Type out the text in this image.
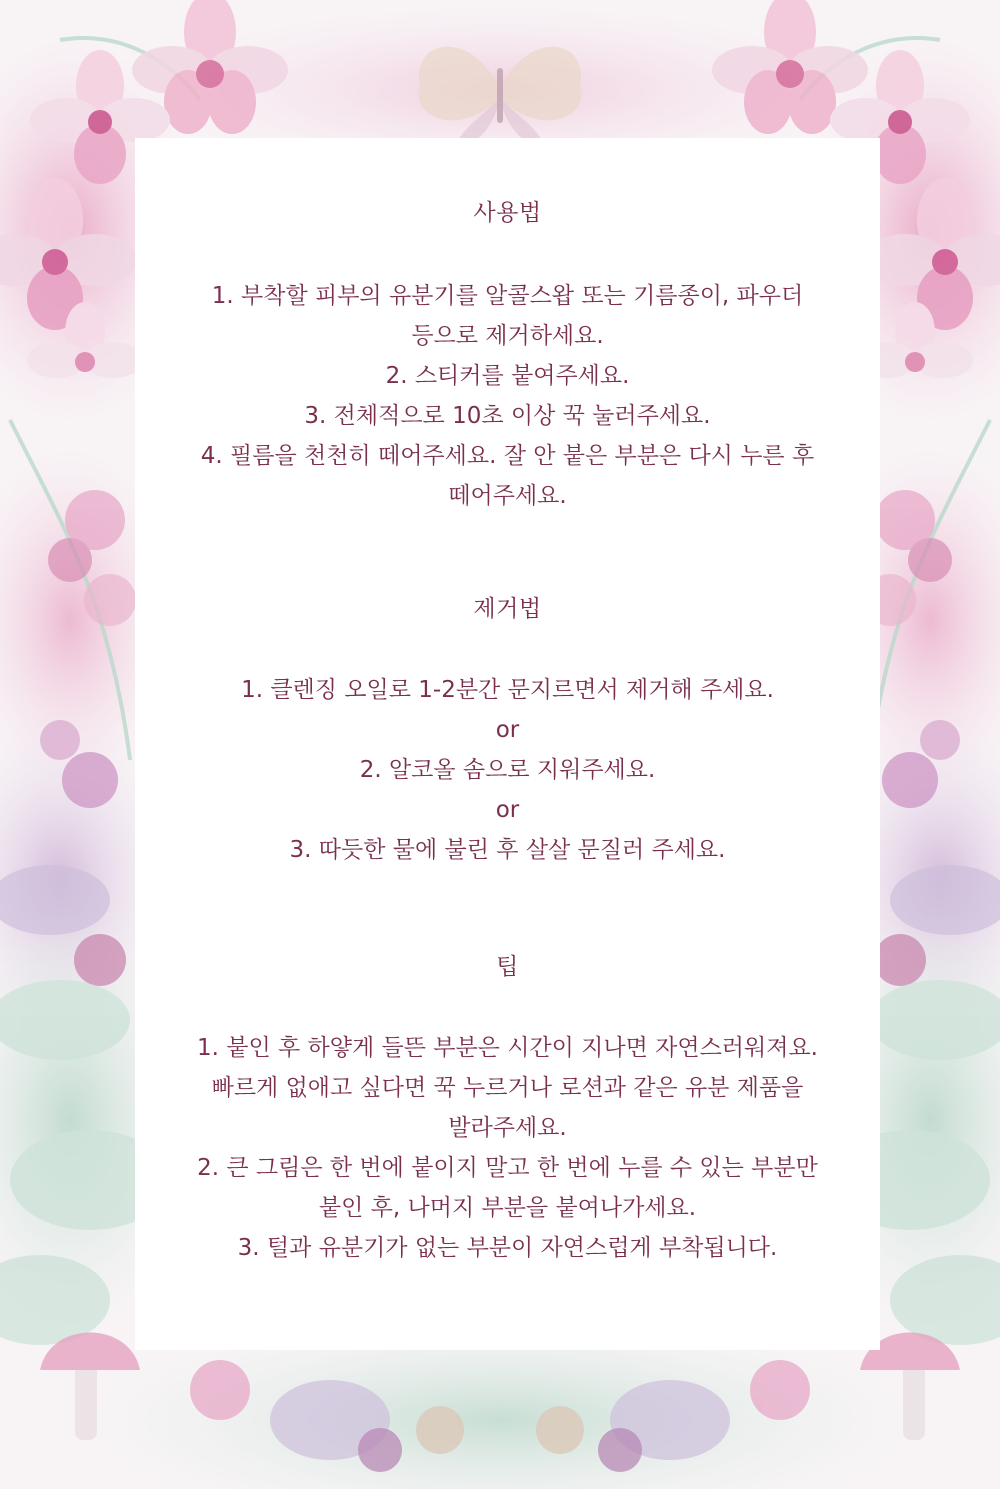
사용법
1. 부착할 피부의 유분기를 알콜스왑 또는 기름종이, 파우더
등으로 제거하세요.
2. 스티커를 붙여주세요.
3. 전체적으로 10초 이상 꾹 눌러주세요.
4. 필름을 천천히 떼어주세요. 잘 안 붙은 부분은 다시 누른 후
떼어주세요.
제거법
1. 클렌징 오일로 1-2분간 문지르면서 제거해 주세요.
or
2. 알코올 솜으로 지워주세요.
or
3. 따듯한 물에 불린 후 살살 문질러 주세요.
팁
1. 붙인 후 하얗게 들뜬 부분은 시간이 지나면 자연스러워져요.
빠르게 없애고 싶다면 꾹 누르거나 로션과 같은 유분 제품을
발라주세요.
2. 큰 그림은 한 번에 붙이지 말고 한 번에 누를 수 있는 부분만
붙인 후, 나머지 부분을 붙여나가세요.
3. 털과 유분기가 없는 부분이 자연스럽게 부착됩니다.
